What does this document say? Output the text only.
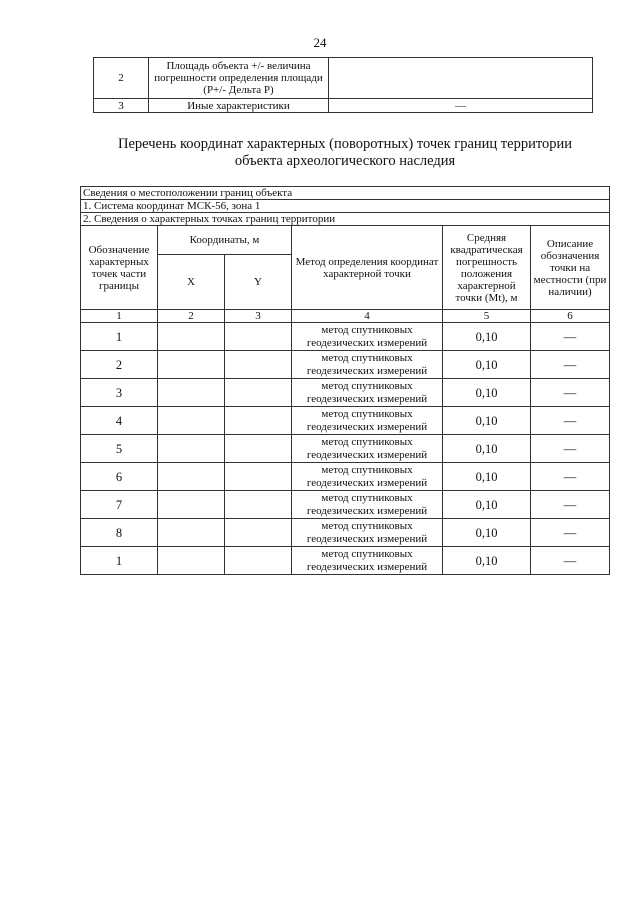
24
2	Площадь объекта +/- величина погрешности определения площади (Р+/- Дельта Р)	
3	Иные характеристики	—
Перечень координат характерных (поворотных) точек границ территории
объекта археологического наследия
Сведения о местоположении границ объекта					
1. Система координат МСК-56, зона 1					
2. Сведения о характерных точках границ территории					
Обозначение характерных точек части границы	Координаты, м		Метод определения координат характерной точки	Средняя квадратическая погрешность положения характерной точки (Mt), м	Описание обозначения точки на местности (при наличии)
	X	Y			
1	2	3	4	5	6
1			метод спутниковых геодезических измерений	0,10	—
2			метод спутниковых геодезических измерений	0,10	—
3			метод спутниковых геодезических измерений	0,10	—
4			метод спутниковых геодезических измерений	0,10	—
5			метод спутниковых геодезических измерений	0,10	—
6			метод спутниковых геодезических измерений	0,10	—
7			метод спутниковых геодезических измерений	0,10	—
8			метод спутниковых геодезических измерений	0,10	—
1			метод спутниковых геодезических измерений	0,10	—
